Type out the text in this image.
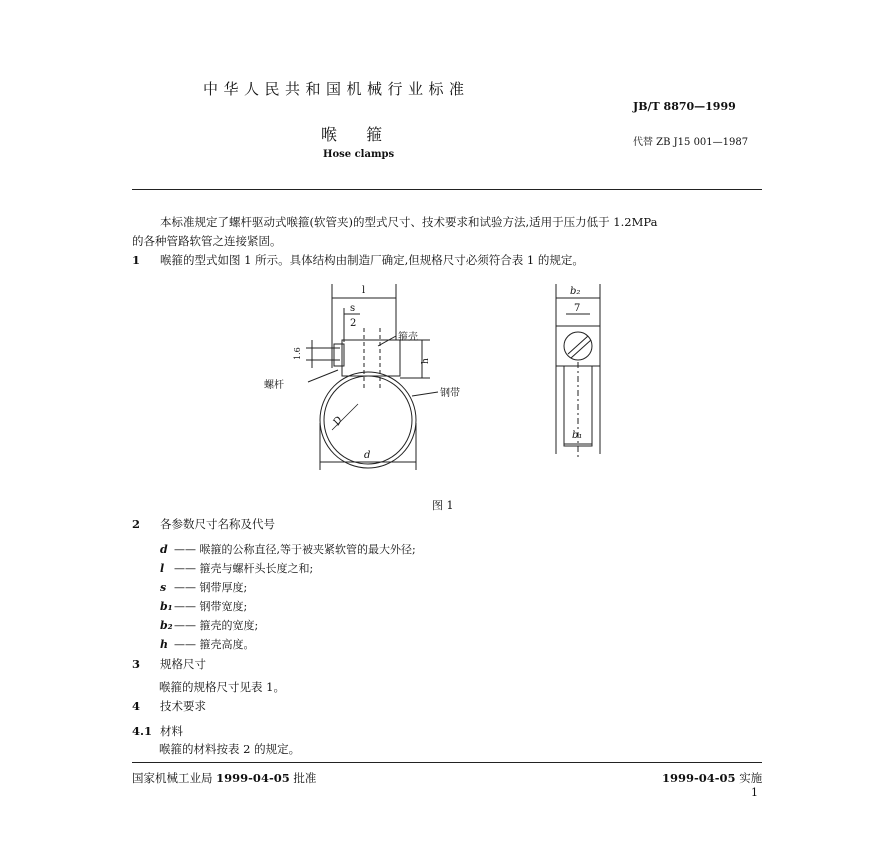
中华人民共和国机械行业标准
JB/T 8870—1999
喉 箍	代替 ZB J15 001—1987
Hose clamps
本标准规定了螺杆驱动式喉箍(软管夹)的型式尺寸、技术要求和试验方法,适用于压力低于 1.2MPa
的各种管路软管之连接紧固。
1 喉箍的型式如图 1 所示。具体结构由制造厂确定,但规格尺寸必须符合表 1 的规定。
l
s
2
1.6
箍壳
h
螺杆
钢带
D
d
b₂
7
b₁
图 1
2 各参数尺寸名称及代号
d —— 喉箍的公称直径,等于被夹紧软管的最大外径;
l —— 箍壳与螺杆头长度之和;
s —— 钢带厚度;
b₁—— 钢带宽度;
b₂—— 箍壳的宽度;
h —— 箍壳高度。
3 规格尺寸
喉箍的规格尺寸见表 1。
4 技术要求
4.1 材料
喉箍的材料按表 2 的规定。
国家机械工业局 1999-04-05 批准	1999-04-05 实施
1
